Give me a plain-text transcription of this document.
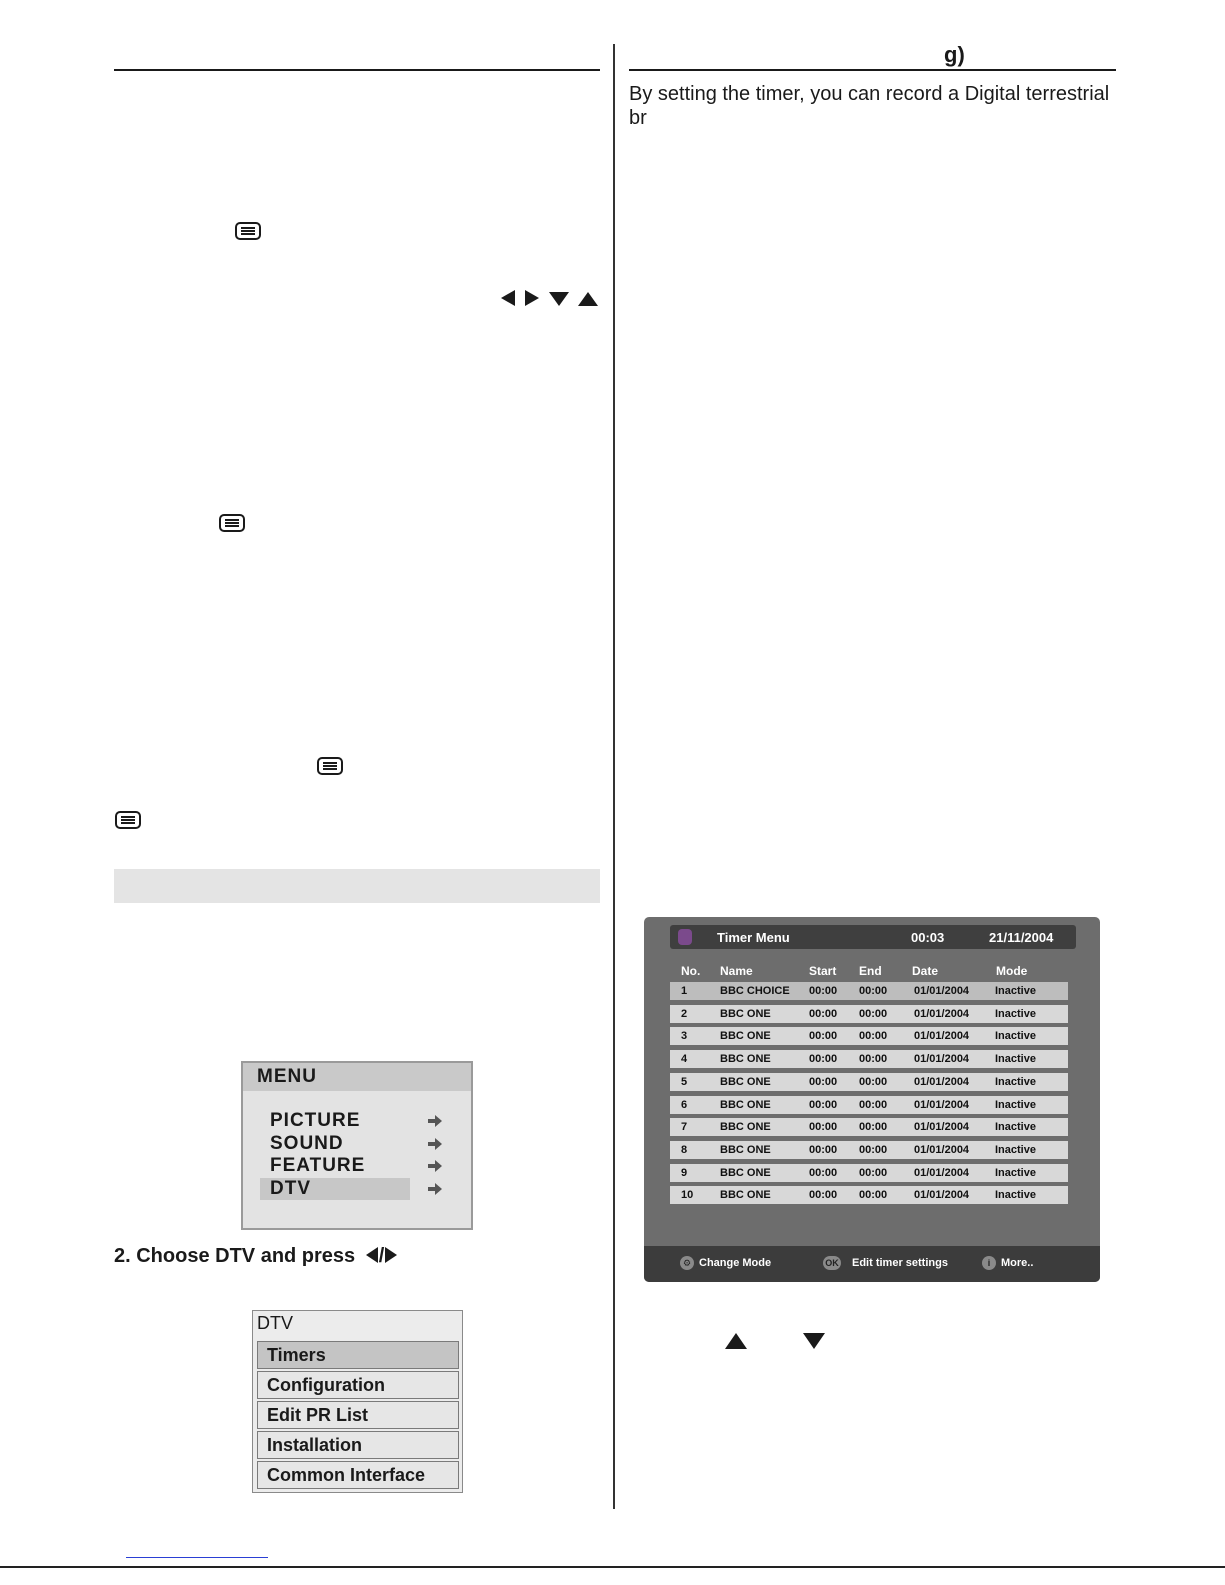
g)
By setting the timer, you can record a Digital terrestrial br
MENU
PICTURE
SOUND
FEATURE
DTV
2. Choose DTV and press /
DTV
Timers
Configuration
Edit PR List
Installation
Common Interface
Timer Menu	00:03	21/11/2004
No. Name	Start End	Date	Mode
1	BBC CHOICE 00:00 00:00 01/01/2004 Inactive
2	BBC ONE	00:00 00:00 01/01/2004 Inactive
3	BBC ONE	00:00 00:00 01/01/2004 Inactive
4	BBC ONE	00:00 00:00 01/01/2004 Inactive
5	BBC ONE	00:00 00:00 01/01/2004 Inactive
6	BBC ONE	00:00 00:00 01/01/2004 Inactive
7	BBC ONE	00:00 00:00 01/01/2004 Inactive
8	BBC ONE	00:00 00:00 01/01/2004 Inactive
9	BBC ONE	00:00 00:00 01/01/2004 Inactive
10 BBC ONE	00:00 00:00 01/01/2004 Inactive
⚙ Change Mode	OK Edit timer settings	i More..
